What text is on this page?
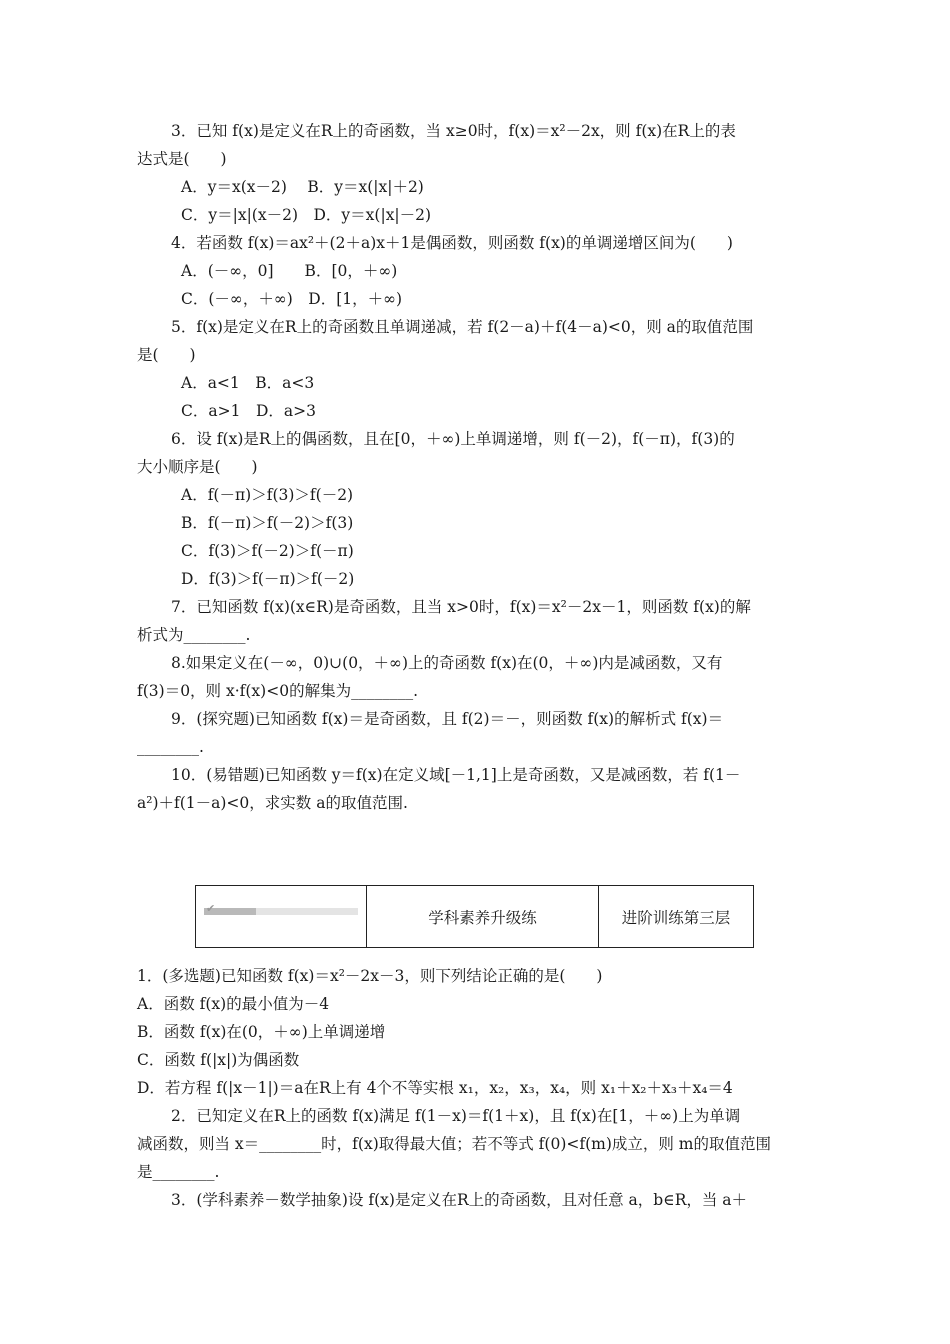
3．已知 f(x)是定义在R上的奇函数，当 x≥0时，f(x)＝x²－2x，则 f(x)在R上的表
达式是(　　)
A．y＝x(x－2)　 B．y＝x(|x|＋2)
C．y＝|x|(x－2)　D．y＝x(|x|－2)
4．若函数 f(x)＝ax²＋(2＋a)x＋1是偶函数，则函数 f(x)的单调递增区间为(　　)
A．(－∞，0]　　B．[0，＋∞)
C．(－∞，＋∞)　D．[1，＋∞)
5．f(x)是定义在R上的奇函数且单调递减，若 f(2－a)＋f(4－a)<0，则 a的取值范围
是(　　)
A．a<1　B．a<3
C．a>1　D．a>3
6．设 f(x)是R上的偶函数，且在[0，＋∞)上单调递增，则 f(－2)，f(－π)，f(3)的
大小顺序是(　　)
A．f(－π)＞f(3)＞f(－2)
B．f(－π)＞f(－2)＞f(3)
C．f(3)＞f(－2)＞f(－π)
D．f(3)＞f(－π)＞f(－2)
7．已知函数 f(x)(x∈R)是奇函数，且当 x>0时，f(x)＝x²－2x－1，则函数 f(x)的解
析式为________.
8.如果定义在(－∞，0)∪(0，＋∞)上的奇函数 f(x)在(0，＋∞)内是减函数，又有
f(3)＝0，则 x·f(x)<0的解集为________.
9．(探究题)已知函数 f(x)＝是奇函数，且 f(2)＝－，则函数 f(x)的解析式 f(x)＝
________.
10．(易错题)已知函数 y＝f(x)在定义域[－1,1]上是奇函数，又是减函数，若 f(1－
a²)＋f(1－a)<0，求实数 a的取值范围.
✔	学科素养升级练	进阶训练第三层
1．(多选题)已知函数 f(x)＝x²－2x－3，则下列结论正确的是(　　)
A．函数 f(x)的最小值为－4
B．函数 f(x)在(0，＋∞)上单调递增
C．函数 f(|x|)为偶函数
D．若方程 f(|x－1|)＝a在R上有 4个不等实根 x₁，x₂，x₃，x₄，则 x₁＋x₂＋x₃＋x₄＝4
2．已知定义在R上的函数 f(x)满足 f(1－x)＝f(1＋x)，且 f(x)在[1，＋∞)上为单调
减函数，则当 x＝________时，f(x)取得最大值；若不等式 f(0)<f(m)成立，则 m的取值范围
是________.
3．(学科素养－数学抽象)设 f(x)是定义在R上的奇函数，且对任意 a，b∈R，当 a＋
